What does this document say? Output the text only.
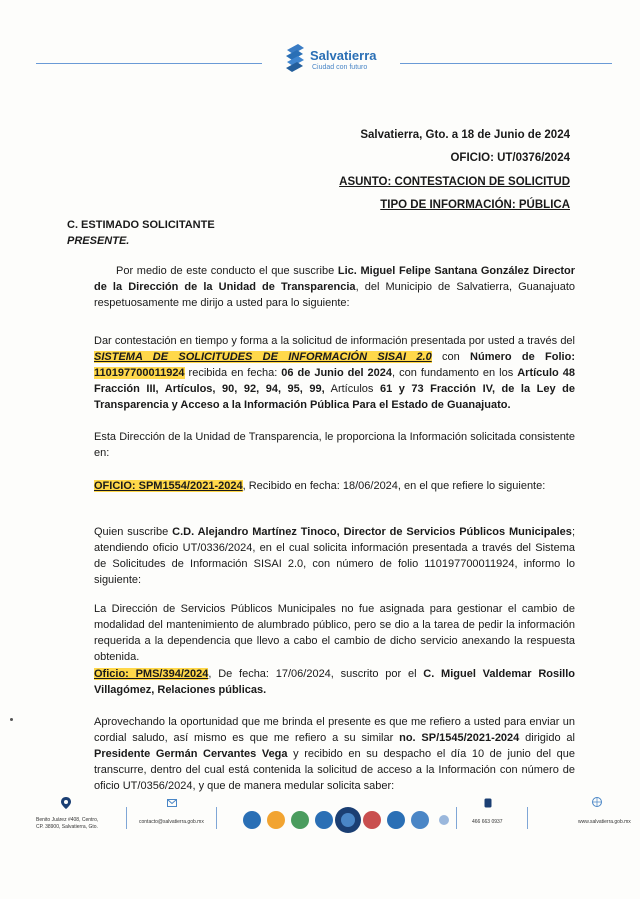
Salvatierra
Ciudad con futuro
Salvatierra, Gto. a 18 de Junio de 2024
OFICIO: UT/0376/2024
ASUNTO: CONTESTACION DE SOLICITUD
TIPO DE INFORMACIÓN: PÚBLICA
C. ESTIMADO SOLICITANTE
PRESENTE.
Por medio de este conducto el que suscribe Lic. Miguel Felipe Santana González Director de la Dirección de la Unidad de Transparencia, del Municipio de Salvatierra, Guanajuato respetuosamente me dirijo a usted para lo siguiente:
Dar contestación en tiempo y forma a la solicitud de información presentada por usted a través del SISTEMA DE SOLICITUDES DE INFORMACIÓN SISAI 2.0 con Número de Folio: 110197700011924 recibida en fecha: 06 de Junio del 2024, con fundamento en los Artículo 48 Fracción III, Artículos, 90, 92, 94, 95, 99, Artículos 61 y 73 Fracción IV, de la Ley de Transparencia y Acceso a la Información Pública Para el Estado de Guanajuato.
Esta Dirección de la Unidad de Transparencia, le proporciona la Información solicitada consistente en:
OFICIO: SPM1554/2021-2024, Recibido en fecha: 18/06/2024, en el que refiere lo siguiente:
Quien suscribe C.D. Alejandro Martínez Tinoco, Director de Servicios Públicos Municipales; atendiendo oficio UT/0336/2024, en el cual solicita información presentada a través del Sistema de Solicitudes de Información SISAI 2.0, con número de folio 110197700011924, informo lo siguiente:
La Dirección de Servicios Públicos Municipales no fue asignada para gestionar el cambio de modalidad del mantenimiento de alumbrado público, pero se dio a la tarea de pedir la información requerida a la dependencia que llevo a cabo el cambio de dicho servicio anexando la respuesta obtenida.
Oficio: PMS/394/2024, De fecha: 17/06/2024, suscrito por el C. Miguel Valdemar Rosillo Villagómez, Relaciones públicas.
Aprovechando la oportunidad que me brinda el presente es que me refiero a usted para enviar un cordial saludo, así mismo es que me refiero a su similar no. SP/1545/2021-2024 dirigido al Presidente Germán Cervantes Vega y recibido en su despacho el día 10 de junio del que transcurre, dentro del cual está contenida la solicitud de acceso a la Información con número de oficio UT/0356/2024, y que de manera medular solicita saber:
Benito Juárez #408, Centro,
CP. 38900, Salvatierra, Gto.
contacto@salvatierra.gob.mx	466 663 0937	www.salvatierra.gob.mx
